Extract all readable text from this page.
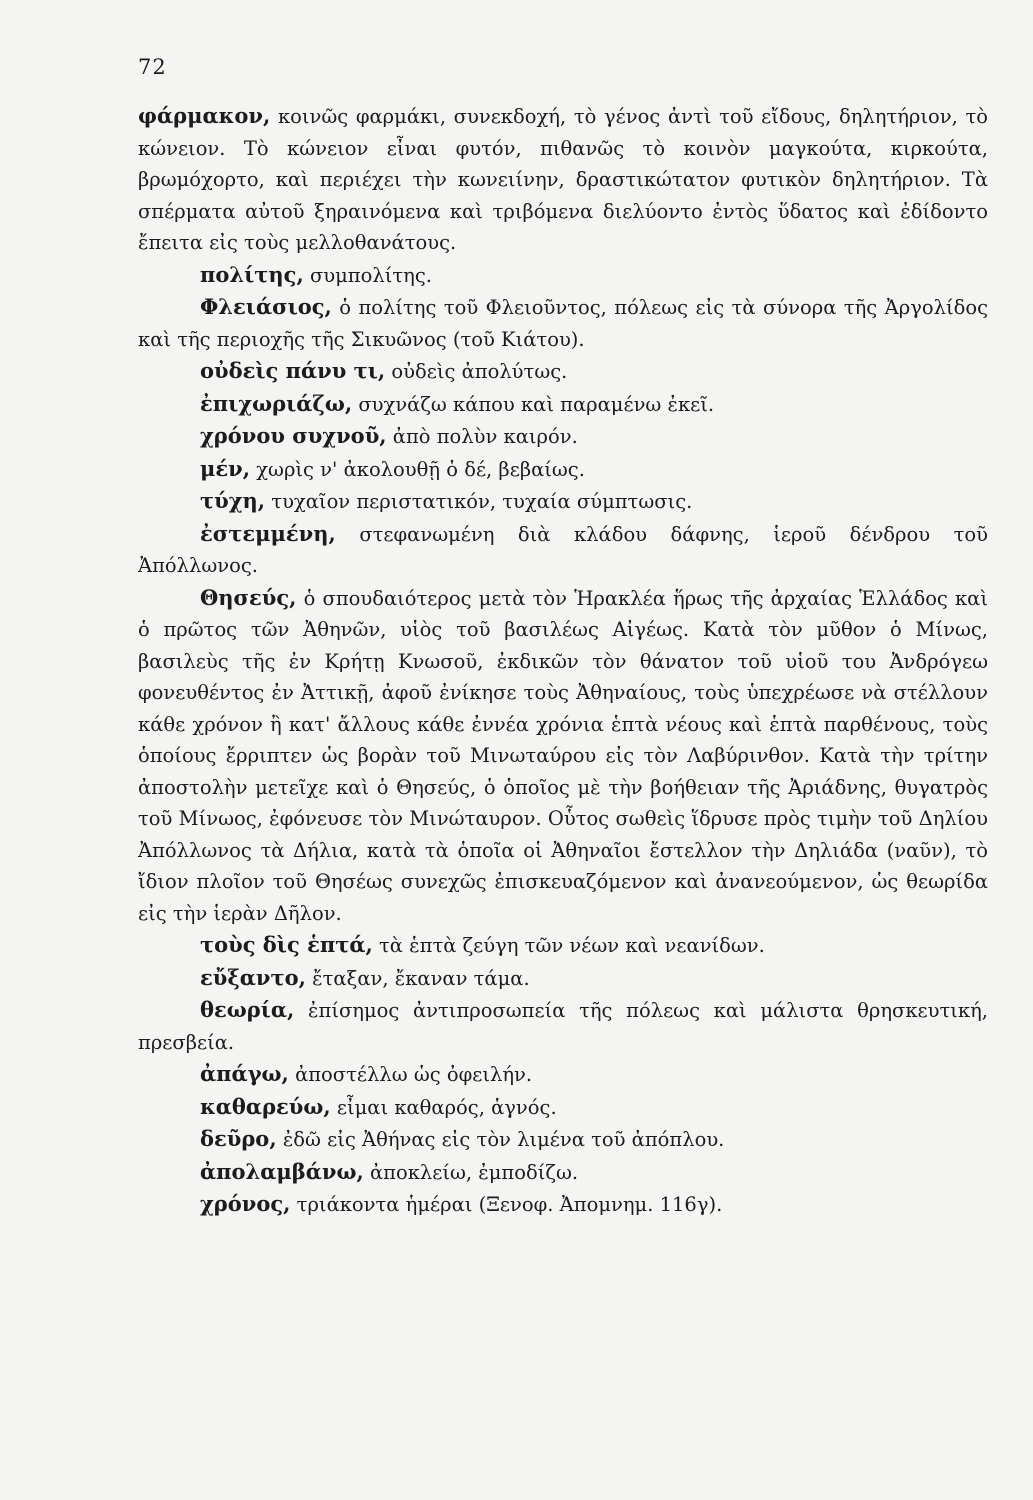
72

φάρμακον, κοινῶς φαρμάκι, συνεκδοχή, τὸ γένος ἀντὶ τοῦ εἴδους, δηλητήριον, τὸ κώνειον. Τὸ κώνειον εἶναι φυτόν, πιθανῶς τὸ κοινὸν μαγκούτα, κιρκούτα, βρωμόχορτο, καὶ περιέχει τὴν κωνειίνην, δραστικώτατον φυτικὸν δηλητήριον. Τὰ σπέρματα αὐτοῦ ξηραινόμενα καὶ τριβόμενα διελύοντο ἐντὸς ὕδατος καὶ ἐδίδοντο ἔπειτα εἰς τοὺς μελλοθανάτους.

πολίτης, συμπολίτης.

Φλειάσιος, ὁ πολίτης τοῦ Φλειοῦντος, πόλεως εἰς τὰ σύνορα τῆς Ἀργολίδος καὶ τῆς περιοχῆς τῆς Σικυῶνος (τοῦ Κιάτου).

οὐδεὶς πάνυ τι, οὐδεὶς ἀπολύτως.

ἐπιχωριάζω, συχνάζω κάπου καὶ παραμένω ἐκεῖ.

χρόνου συχνοῦ, ἀπὸ πολὺν καιρόν.

μέν, χωρὶς ν' ἀκολουθῇ ὁ δέ, βεβαίως.

τύχη, τυχαῖον περιστατικόν, τυχαία σύμπτωσις.

ἐστεμμένη, στεφανωμένη διὰ κλάδου δάφνης, ἱεροῦ δένδρου τοῦ Ἀπόλλωνος.

Θησεύς, ὁ σπουδαιότερος μετὰ τὸν Ἡρακλέα ἥρως τῆς ἀρχαίας Ἑλλάδος καὶ ὁ πρῶτος τῶν Ἀθηνῶν, υἱὸς τοῦ βασιλέως Αἰγέως. Κατὰ τὸν μῦθον ὁ Μίνως, βασιλεὺς τῆς ἐν Κρήτῃ Κνωσοῦ, ἐκδικῶν τὸν θάνατον τοῦ υἱοῦ του Ἀνδρόγεω φονευθέντος ἐν Ἀττικῇ, ἀφοῦ ἐνίκησε τοὺς Ἀθηναίους, τοὺς ὑπεχρέωσε νὰ στέλλουν κάθε χρόνον ἢ κατ' ἄλλους κάθε ἐννέα χρόνια ἑπτὰ νέους καὶ ἑπτὰ παρθένους, τοὺς ὁποίους ἔρριπτεν ὡς βορὰν τοῦ Μινωταύρου εἰς τὸν Λαβύρινθον. Κατὰ τὴν τρίτην ἀποστολὴν μετεῖχε καὶ ὁ Θησεύς, ὁ ὁποῖος μὲ τὴν βοήθειαν τῆς Ἀριάδνης, θυγατρὸς τοῦ Μίνωος, ἐφόνευσε τὸν Μινώταυρον. Οὗτος σωθεὶς ἵδρυσε πρὸς τιμὴν τοῦ Δηλίου Ἀπόλλωνος τὰ Δήλια, κατὰ τὰ ὁποῖα οἱ Ἀθηναῖοι ἔστελλον τὴν Δηλιάδα (ναῦν), τὸ ἴδιον πλοῖον τοῦ Θησέως συνεχῶς ἐπισκευαζόμενον καὶ ἀνανεούμενον, ὡς θεωρίδα εἰς τὴν ἱερὰν Δῆλον.

τοὺς δὶς ἑπτά, τὰ ἑπτὰ ζεύγη τῶν νέων καὶ νεανίδων.

εὔξαντο, ἔταξαν, ἔκαναν τάμα.

θεωρία, ἐπίσημος ἀντιπροσωπεία τῆς πόλεως καὶ μάλιστα θρησκευτική, πρεσβεία.

ἀπάγω, ἀποστέλλω ὡς ὀφειλήν.

καθαρεύω, εἶμαι καθαρός, ἁγνός.

δεῦρο, ἐδῶ εἰς Ἀθήνας εἰς τὸν λιμένα τοῦ ἀπόπλου.

ἀπολαμβάνω, ἀποκλείω, ἐμποδίζω.

χρόνος, τριάκοντα ἡμέραι (Ξενοφ. Ἀπομνημ. 116γ).
